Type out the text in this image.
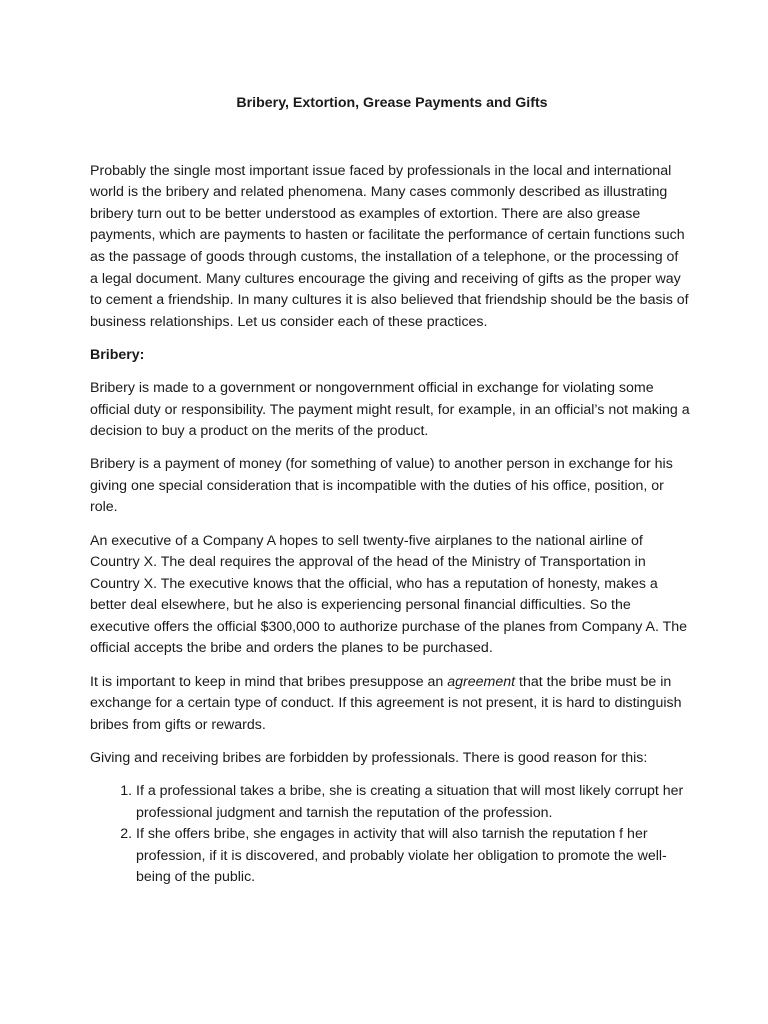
Bribery, Extortion, Grease Payments and Gifts

Probably the single most important issue faced by professionals in the local and international world is the bribery and related phenomena. Many cases commonly described as illustrating bribery turn out to be better understood as examples of extortion. There are also grease payments, which are payments to hasten or facilitate the performance of certain functions such as the passage of goods through customs, the installation of a telephone, or the processing of a legal document. Many cultures encourage the giving and receiving of gifts as the proper way to cement a friendship. In many cultures it is also believed that friendship should be the basis of business relationships. Let us consider each of these practices.

Bribery:

Bribery is made to a government or nongovernment official in exchange for violating some official duty or responsibility. The payment might result, for example, in an official’s not making a decision to buy a product on the merits of the product.

Bribery is a payment of money (for something of value) to another person in exchange for his giving one special consideration that is incompatible with the duties of his office, position, or role.

An executive of a Company A hopes to sell twenty-five airplanes to the national airline of Country X. The deal requires the approval of the head of the Ministry of Transportation in Country X. The executive knows that the official, who has a reputation of honesty, makes a better deal elsewhere, but he also is experiencing personal financial difficulties. So the executive offers the official $300,000 to authorize purchase of the planes from Company A. The official accepts the bribe and orders the planes to be purchased.

It is important to keep in mind that bribes presuppose an agreement that the bribe must be in exchange for a certain type of conduct. If this agreement is not present, it is hard to distinguish bribes from gifts or rewards.

Giving and receiving bribes are forbidden by professionals. There is good reason for this:

1. If a professional takes a bribe, she is creating a situation that will most likely corrupt her professional judgment and tarnish the reputation of the profession.
2. If she offers bribe, she engages in activity that will also tarnish the reputation f her profession, if it is discovered, and probably violate her obligation to promote the well-being of the public.
